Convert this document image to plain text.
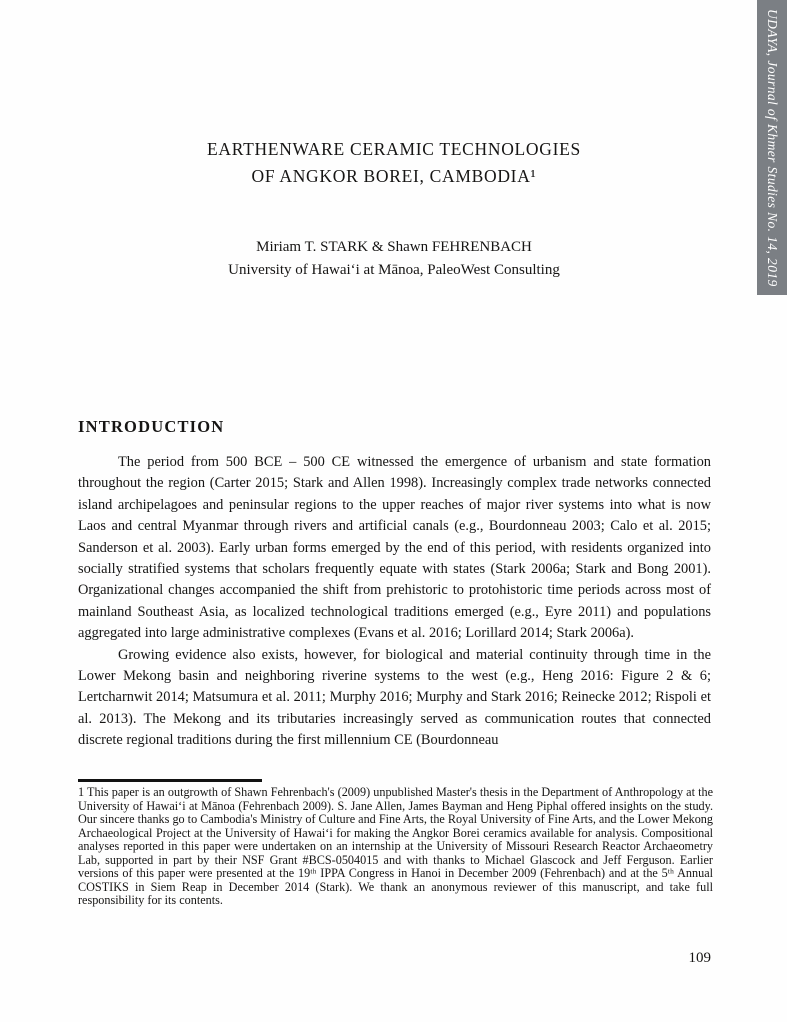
UDAYA, Journal of Khmer Studies No. 14, 2019
EARTHENWARE CERAMIC TECHNOLOGIES
OF ANGKOR BOREI, CAMBODIA¹
Miriam T. STARK & Shawn FEHRENBACH
University of Hawaiʻi at Mānoa, PaleoWest Consulting
INTRODUCTION

The period from 500 BCE – 500 CE witnessed the emergence of urbanism and state formation throughout the region (Carter 2015; Stark and Allen 1998). Increasingly complex trade networks connected island archipelagoes and peninsular regions to the upper reaches of major river systems into what is now Laos and central Myanmar through rivers and artificial canals (e.g., Bourdonneau 2003; Calo et al. 2015; Sanderson et al. 2003). Early urban forms emerged by the end of this period, with residents organized into socially stratified systems that scholars frequently equate with states (Stark 2006a; Stark and Bong 2001). Organizational changes accompanied the shift from prehistoric to protohistoric time periods across most of mainland Southeast Asia, as localized technological traditions emerged (e.g., Eyre 2011) and populations aggregated into large administrative complexes (Evans et al. 2016; Lorillard 2014; Stark 2006a).

Growing evidence also exists, however, for biological and material continuity through time in the Lower Mekong basin and neighboring riverine systems to the west (e.g., Heng 2016: Figure 2 & 6; Lertcharnwit 2014; Matsumura et al. 2011; Murphy 2016; Murphy and Stark 2016; Reinecke 2012; Rispoli et al. 2013). The Mekong and its tributaries increasingly served as communication routes that connected discrete regional traditions during the first millennium CE (Bourdonneau

1 This paper is an outgrowth of Shawn Fehrenbach's (2009) unpublished Master's thesis in the Department of Anthropology at the University of Hawaiʻi at Mānoa (Fehrenbach 2009). S. Jane Allen, James Bayman and Heng Piphal offered insights on the study. Our sincere thanks go to Cambodia's Ministry of Culture and Fine Arts, the Royal University of Fine Arts, and the Lower Mekong Archaeological Project at the University of Hawaiʻi for making the Angkor Borei ceramics available for analysis. Compositional analyses reported in this paper were undertaken on an internship at the University of Missouri Research Reactor Archaeometry Lab, supported in part by their NSF Grant #BCS-0504015 and with thanks to Michael Glascock and Jeff Ferguson. Earlier versions of this paper were presented at the 19ᵗʰ IPPA Congress in Hanoi in December 2009 (Fehrenbach) and at the 5ᵗʰ Annual COSTIKS in Siem Reap in December 2014 (Stark). We thank an anonymous reviewer of this manuscript, and take full responsibility for its contents.
109
